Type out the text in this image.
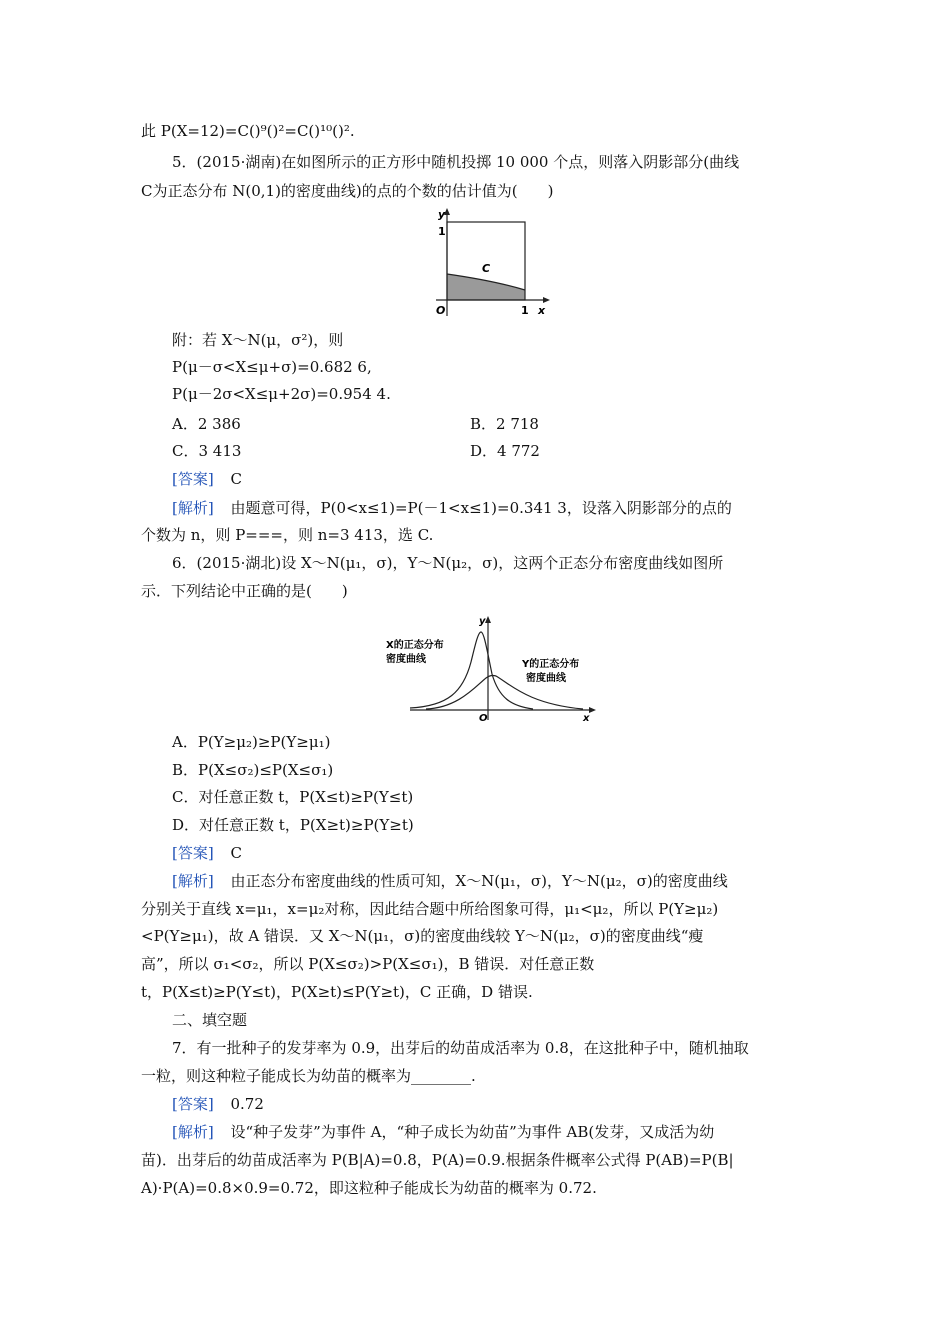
此 P(X=12)=C()⁹()²=C()¹⁰()².
5．(2015·湖南)在如图所示的正方形中随机投掷 10 000 个点，则落入阴影部分(曲线
C为正态分布 N(0,1)的密度曲线)的点的个数的估计值为(　　)
y
1
C
O	1 x
附：若 X～N(μ，σ²)，则
P(μ－σ<X≤μ+σ)=0.682 6,
P(μ－2σ<X≤μ+2σ)=0.954 4.
A．2 386	B．2 718
C．3 413	D．4 772
[答案] C
[解析] 由题意可得，P(0<x≤1)=P(－1<x≤1)=0.341 3，设落入阴影部分的点的
个数为 n，则 P===，则 n=3 413，选 C.
6．(2015·湖北)设 X～N(μ₁，σ)，Y～N(μ₂，σ)，这两个正态分布密度曲线如图所
示．下列结论中正确的是(　　)
y
X的正态分布
密度曲线	Y的正态分布
密度曲线
O	x
A．P(Y≥μ₂)≥P(Y≥μ₁)
B．P(X≤σ₂)≤P(X≤σ₁)
C．对任意正数 t，P(X≤t)≥P(Y≤t)
D．对任意正数 t，P(X≥t)≥P(Y≥t)
[答案] C
[解析] 由正态分布密度曲线的性质可知，X～N(μ₁，σ)，Y～N(μ₂，σ)的密度曲线
分别关于直线 x=μ₁，x=μ₂对称，因此结合题中所给图象可得，μ₁<μ₂，所以 P(Y≥μ₂)
<P(Y≥μ₁)，故 A 错误．又 X～N(μ₁，σ)的密度曲线较 Y～N(μ₂，σ)的密度曲线“瘦
高”，所以 σ₁<σ₂，所以 P(X≤σ₂)>P(X≤σ₁)，B 错误．对任意正数
t，P(X≤t)≥P(Y≤t)，P(X≥t)≤P(Y≥t)，C 正确，D 错误.
二、填空题
7．有一批种子的发芽率为 0.9，出芽后的幼苗成活率为 0.8，在这批种子中，随机抽取
一粒，则这种粒子能成长为幼苗的概率为________.
[答案] 0.72
[解析] 设“种子发芽”为事件 A，“种子成长为幼苗”为事件 AB(发芽，又成活为幼
苗)．出芽后的幼苗成活率为 P(B|A)=0.8，P(A)=0.9.根据条件概率公式得 P(AB)=P(B|
A)·P(A)=0.8×0.9=0.72，即这粒种子能成长为幼苗的概率为 0.72.
